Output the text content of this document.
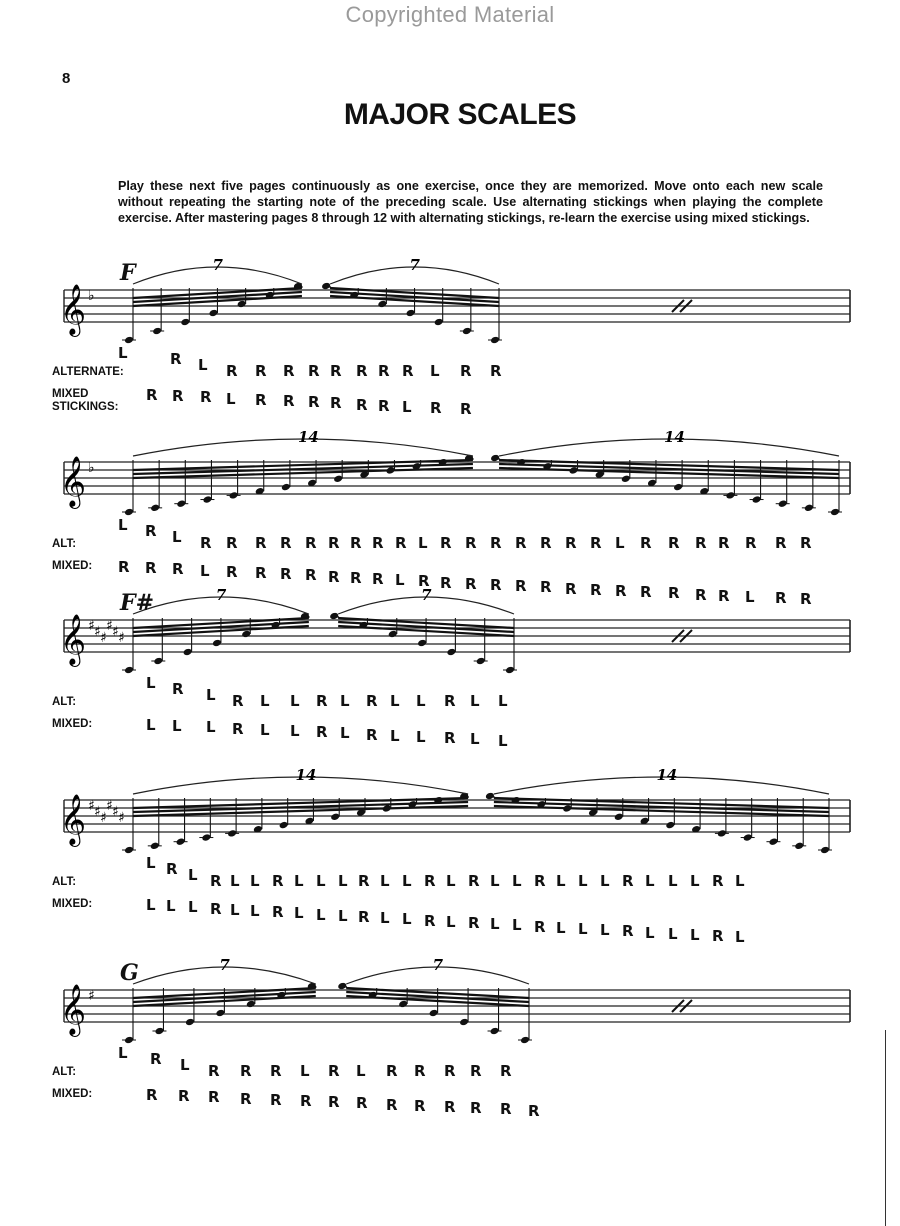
Copyrighted Material
8
MAJOR SCALES

Play these next five pages continuously as one exercise, once they are memorized. Move onto each new scale without repeating the starting note of the preceding scale. Use alternating stickings when playing the complete exercise. After mastering pages 8 through 12 with alternating stickings, re-learn the exercise using mixed stickings.

𝄞 ♭
7	7
F
ALTERNATE:
MIXED STICKINGS:
L	R L R R R R R R R R L R R
R R R L R R R R R R L R R
𝄞 ♭
14	14
ALT:
MIXED:
L R L R R R R R R R R R L R R R R R R R L R R R R R R R
R R R L R R R R R R R L R R R R R R R R R R R R R L R R
𝄞 ♯ ♯ ♯
♯ ♯ ♯
7	7
F#
ALT:
MIXED:
L R L R L L R L R L L R L L
L L L R L L R L R L L R L L
𝄞 ♯ ♯ ♯
♯ ♯ ♯
14	14
ALT:
MIXED:
L R L R L L R L L L R L L R L R L L R L L L R L L L R L
L L L R L L R L L L R L L R L R L L R L L L R L L L R L
𝄞 ♯
7	7
G
ALT:
MIXED:
L R L R R R L R L R R R R R
R R R R R R R R R R R R R R
